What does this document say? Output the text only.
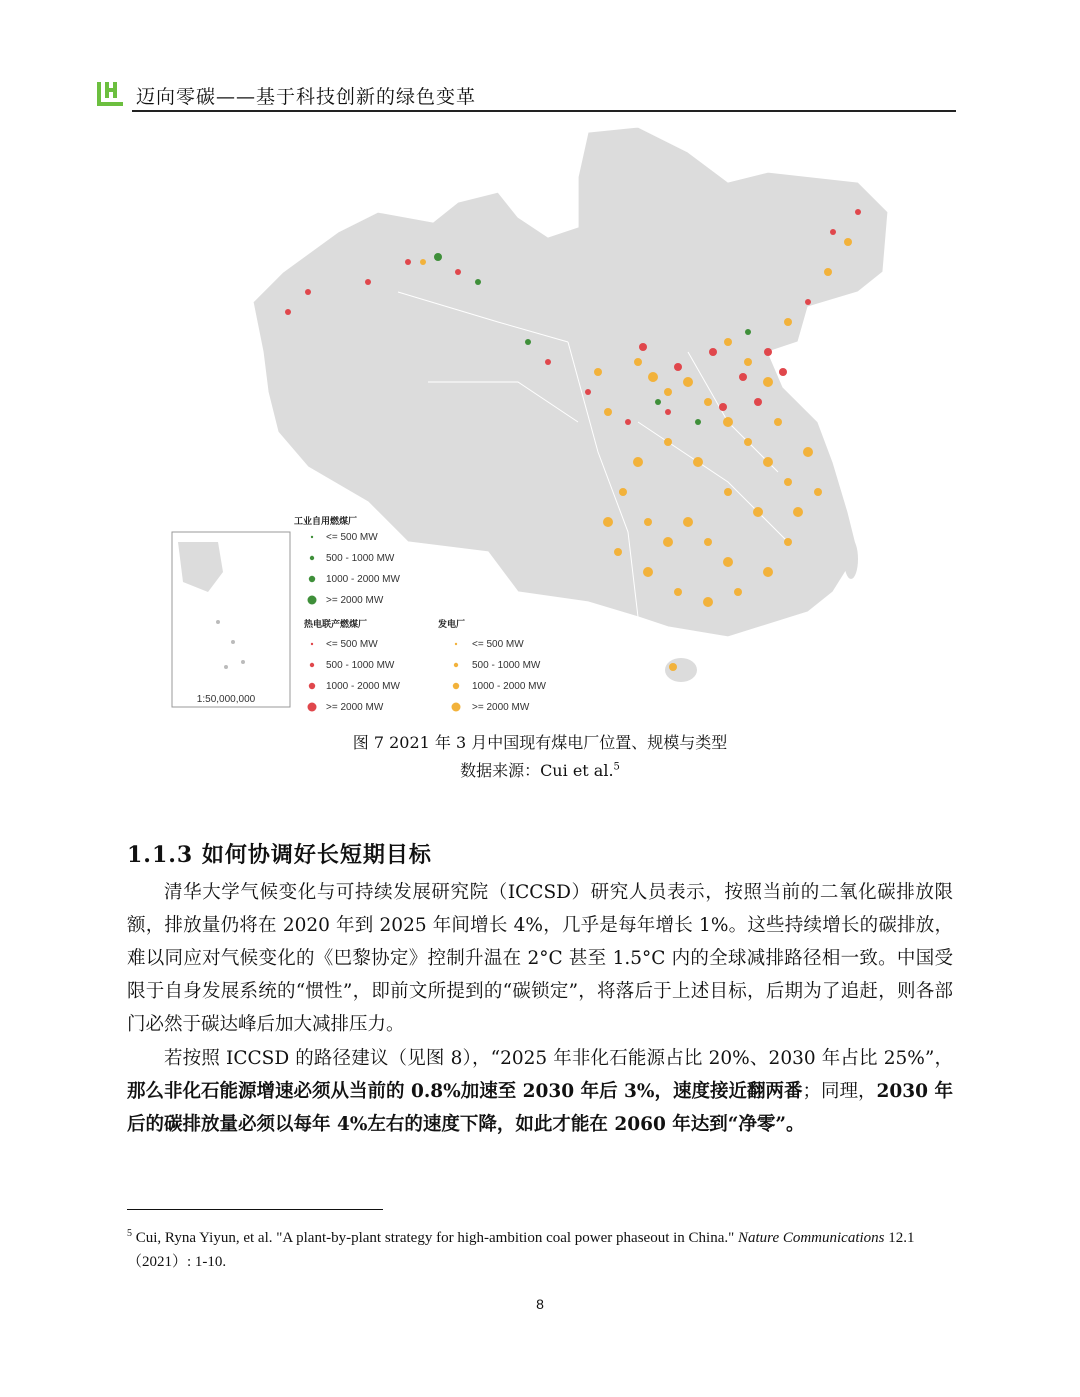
迈向零碳——基于科技创新的绿色变革
1:50,000,000
工业自用燃煤厂
<= 500 MW
500 - 1000 MW
1000 - 2000 MW
>= 2000 MW
热电联产燃煤厂
<= 500 MW
500 - 1000 MW
1000 - 2000 MW
>= 2000 MW
发电厂
<= 500 MW
500 - 1000 MW
1000 - 2000 MW
>= 2000 MW
图 7 2021 年 3 月中国现有煤电厂位置、规模与类型
数据来源：Cui et al.$^5$
1.1.3 如何协调好长短期目标

清华大学气候变化与可持续发展研究院（ICCSD）研究人员表示，按照当前的二氧化碳排放限额，排放量仍将在 2020 年到 2025 年间增长 4%，几乎是每年增长 1%。这些持续增长的碳排放，难以同应对气候变化的《巴黎协定》控制升温在 2°C 甚至 1.5°C 内的全球减排路径相一致。中国受限于自身发展系统的“惯性”，即前文所提到的“碳锁定”，将落后于上述目标，后期为了追赶，则各部门必然于碳达峰后加大减排压力。

若按照 ICCSD 的路径建议（见图 8），“2025 年非化石能源占比 20%、2030 年占比 25%”，那么非化石能源增速必须从当前的 0.8%加速至 2030 年后 3%，速度接近翻两番；同理，2030 年后的碳排放量必须以每年 4%左右的速度下降，如此才能在 2060 年达到“净零”。

$^5$ Cui, Ryna Yiyun, et al. "A plant-by-plant strategy for high-ambition coal power phaseout in China." Nature Communications 12.1 （2021）: 1-10.
8
